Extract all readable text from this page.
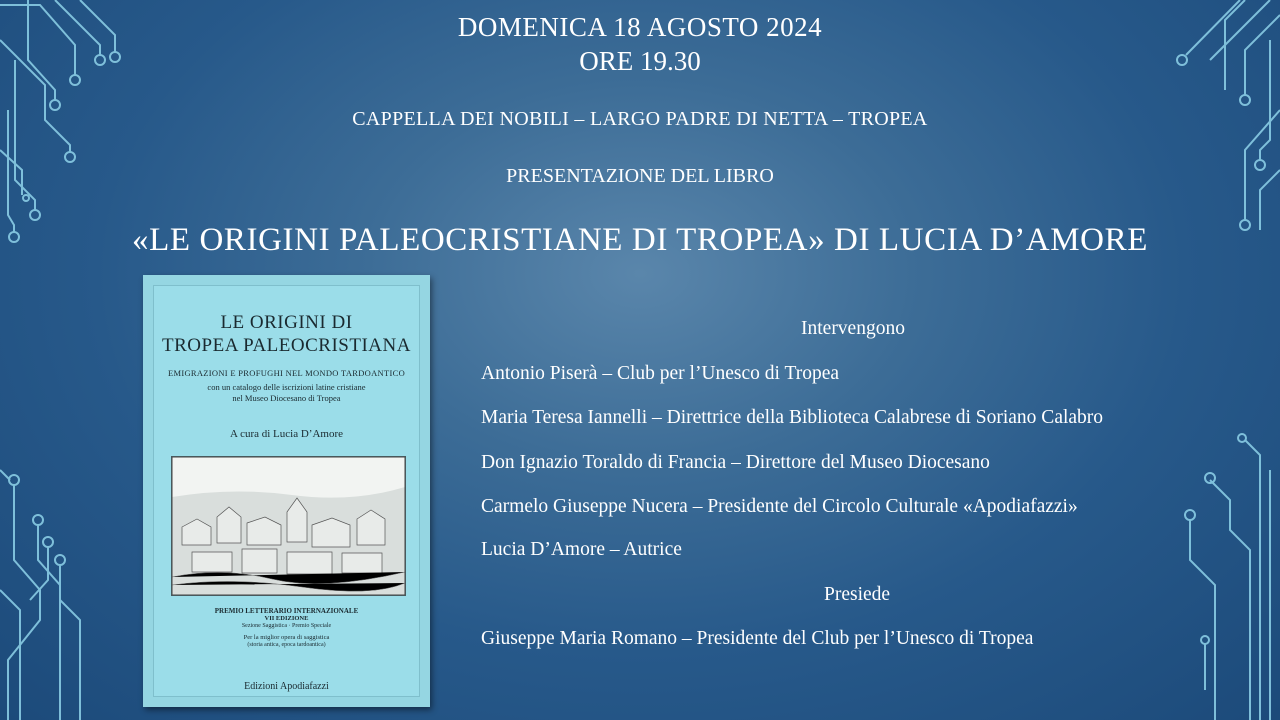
DOMENICA 18 AGOSTO 2024
ORE 19.30
CAPPELLA DEI NOBILI – LARGO PADRE DI NETTA – TROPEA
PRESENTAZIONE DEL LIBRO
«LE ORIGINI PALEOCRISTIANE DI TROPEA» DI LUCIA D’AMORE
LE ORIGINI DI
TROPEA PALEOCRISTIANA
EMIGRAZIONI E PROFUGHI NEL MONDO TARDOANTICO
con un catalogo delle iscrizioni latine cristiane
nel Museo Diocesano di Tropea
A cura di Lucia D’Amore
PREMIO LETTERARIO INTERNAZIONALE
VII EDIZIONE
Sezione Saggistica · Premio Speciale
Per la miglior opera di saggistica
(storia antica, epoca tardoantica)
Edizioni Apodiafazzi
Intervengono
Antonio Piserà – Club per l’Unesco di Tropea
Maria Teresa Iannelli – Direttrice della Biblioteca Calabrese di Soriano Calabro
Don Ignazio Toraldo di Francia – Direttore del Museo Diocesano
Carmelo Giuseppe Nucera – Presidente del Circolo Culturale «Apodiafazzi»
Lucia D’Amore – Autrice
Presiede
Giuseppe Maria Romano – Presidente del Club per l’Unesco di Tropea
